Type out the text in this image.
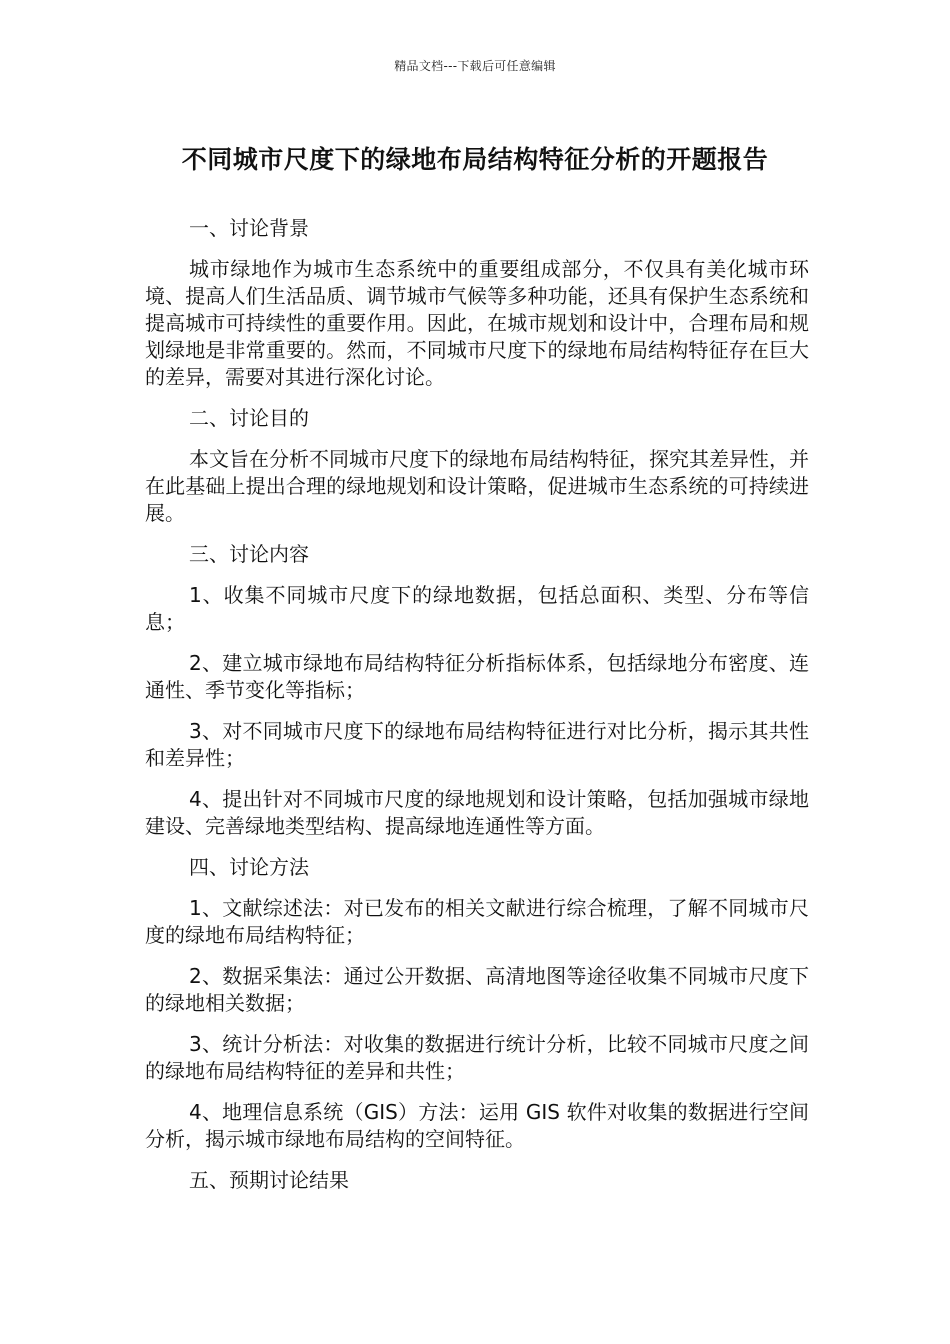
精品文档---下载后可任意编辑
不同城市尺度下的绿地布局结构特征分析的开题报告
一、讨论背景

城市绿地作为城市生态系统中的重要组成部分，不仅具有美化城市环境、提高人们生活品质、调节城市气候等多种功能，还具有保护生态系统和提高城市可持续性的重要作用。因此，在城市规划和设计中，合理布局和规划绿地是非常重要的。然而，不同城市尺度下的绿地布局结构特征存在巨大的差异，需要对其进行深化讨论。

二、讨论目的

本文旨在分析不同城市尺度下的绿地布局结构特征，探究其差异性，并在此基础上提出合理的绿地规划和设计策略，促进城市生态系统的可持续进展。

三、讨论内容

1、收集不同城市尺度下的绿地数据，包括总面积、类型、分布等信息；

2、建立城市绿地布局结构特征分析指标体系，包括绿地分布密度、连通性、季节变化等指标；

3、对不同城市尺度下的绿地布局结构特征进行对比分析，揭示其共性和差异性；

4、提出针对不同城市尺度的绿地规划和设计策略，包括加强城市绿地建设、完善绿地类型结构、提高绿地连通性等方面。

四、讨论方法

1、文献综述法：对已发布的相关文献进行综合梳理，了解不同城市尺度的绿地布局结构特征；

2、数据采集法：通过公开数据、高清地图等途径收集不同城市尺度下的绿地相关数据；

3、统计分析法：对收集的数据进行统计分析，比较不同城市尺度之间的绿地布局结构特征的差异和共性；

4、地理信息系统（GIS）方法：运用 GIS 软件对收集的数据进行空间分析，揭示城市绿地布局结构的空间特征。

五、预期讨论结果
